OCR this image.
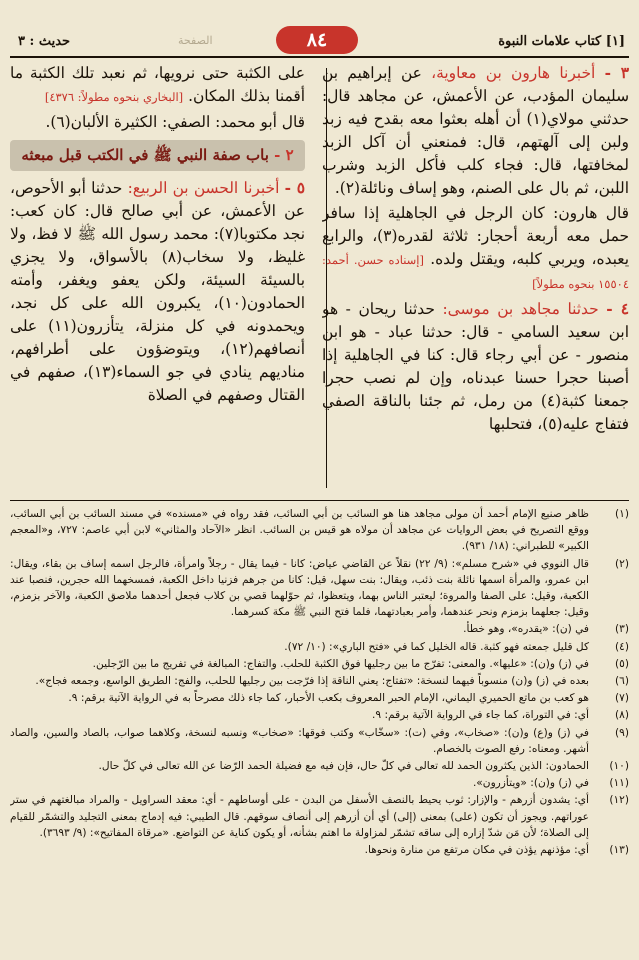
[١] كتاب علامات النبوة
الصفحة	٨٤
حديث : ٣

٣ - أخبرنا هارون بن معاوية، عن إبراهيم بن سليمان المؤدب، عن الأعمش، عن مجاهد قال: حدثني مولاي(١) أن أهله بعثوا معه بقدح فيه زبد ولبن إلى آلهتهم، قال: فمنعني أن آكل الزبد لمخافتها، قال: فجاء كلب فأكل الزبد وشرب اللبن، ثم بال على الصنم، وهو إساف ونائلة(٢).

قال هارون: كان الرجل في الجاهلية إذا سافر حمل معه أربعة أحجار: ثلاثة لقدره(٣)، والرابع يعبده، ويربي كلبه، ويقتل ولده. [إسناده حسن. أحمد: ١٥٥٠٤ بنحوه مطولاً]

٤ - حدثنا مجاهد بن موسى: حدثنا ريحان - هو ابن سعيد السامي - قال: حدثنا عباد - هو ابن منصور - عن أبي رجاء قال: كنا في الجاهلية إذا أصبنا حجرا حسنا عبدناه، وإن لم نصب حجرا جمعنا كثبة(٤) من رمل، ثم جئنا بالناقة الصفي فتفاج عليه(٥)، فتحلبها

على الكثبة حتى نرويها، ثم نعبد تلك الكثبة ما أقمنا بذلك المكان. [البخاري بنحوه مطولاً: ٤٣٧٦]

قال أبو محمد: الصفي: الكثيرة الألبان(٦).

٢ - باب صفة النبي ﷺ في الكتب قبل مبعثه

٥ - أخبرنا الحسن بن الربيع: حدثنا أبو الأحوص، عن الأعمش، عن أبي صالح قال: كان كعب: نجد مكتوبا(٧): محمد رسول الله ﷺ لا فظ، ولا غليظ، ولا سخاب(٨) بالأسواق، ولا يجزي بالسيئة السيئة، ولكن يعفو ويغفر، وأمته الحمادون(١٠)، يكبرون الله على كل نجد، ويحمدونه في كل منزلة، يتأزرون(١١) على أنصافهم(١٢)، ويتوضؤون على أطرافهم، مناديهم ينادي في جو السماء(١٣)، صفهم في القتال وصفهم في الصلاة

(١)
ظاهر صنيع الإمام أحمد أن مولى مجاهد هنا هو السائب بن أبي السائب، فقد رواه في «مسنده» في مسند السائب بن أبي السائب، ووقع التصريح في بعض الروايات عن مجاهد أن مولاه هو قيس بن السائب. انظر «الآحاد والمثاني» لابن أبي عاصم: ٧٢٧، و«المعجم الكبير» للطبراني: (١٨/ ٩٣١).
(٢)
قال النووي في «شرح مسلم»: (٩/ ٢٢) نقلاً عن القاضي عياض: كانا - فيما يقال - رجلاً وامرأة، فالرجل اسمه إساف بن بقاء، ويقال: ابن عمرو، والمرأة اسمها نائلة بنت ذئب، ويقال: بنت سهل، قيل: كانا من جرهم فزنيا داخل الكعبة، فمسخهما الله حجرين، فنصبا عند الكعبة، وقيل: على الصفا والمروة؛ ليعتبر الناس بهما، ويتعظوا، ثم حوّلهما قصي بن كلاب فجعل أحدهما ملاصق الكعبة، والآخر بزمزم، وقيل: جعلهما بزمزم ونحر عندهما، وأمر بعبادتهما، فلما فتح النبي ﷺ مكة كسرهما.
(٣)
في (ن): «يقدره»، وهو خطأ.
(٤)
كل قليل جمعته فهو كثبة. قاله الخليل كما في «فتح الباري»: (١٠/ ٧٢).
(٥)
في (ز) و(ن): «عليها». والمعنى: تفرّج ما بين رجليها فوق الكثبة للحلب. والتفاج: المبالغة في تفريج ما بين الرّجلين.
(٦)
بعده في (ز) و(ن) منسوباً فيهما لنسخة: «تفتاج: يعني الناقة إذا فرّجت بين رجليها للحلب، والفج: الطريق الواسع، وجمعه فجاج».
(٧)
هو كعب بن ماتع الحميري اليماني، الإمام الحبر المعروف بكعب الأحبار، كما جاء ذلك مصرحاً به في الرواية الآتية برقم: ٩.
(٨)
أي: في التوراة، كما جاء في الرواية الآتية برقم: ٩.
(٩)
في (ز) و(ع) و(ن): «صخاب»، وفي (ت): «سخّاب» وكتب فوقها: «صخاب» ونسبه لنسخة، وكلاهما صواب، بالصاد والسين، والصاد أشهر. ومعناه: رفع الصوت بالخصام.
(١٠)
الحمادون: الذين يكثرون الحمد لله تعالى في كلّ حال، فإن فيه مع فضيلة الحمد الرّضا عن الله تعالى في كلّ حال.
(١١)
في (ز) و(ن): «ويتأزرون».
(١٢)
أي: يشدون أزرهم - والإزار: ثوب يحيط بالنصف الأسفل من البدن - على أوساطهم - أي: معقد السراويل - والمراد مبالغتهم في ستر عوراتهم. ويجوز أن تكون (على) بمعنى (إلى) أي أن أزرهم إلى أنصاف سوقهم. قال الطيبي: فيه إدماج بمعنى التجليد والتشمّر للقيام إلى الصلاة؛ لأن مَن شدّ إزاره إلى ساقه تشمّر لمزاولة ما اهتم بشأنه، أو يكون كناية عن التواضع. «مرقاة المفاتيح»: (٩/ ٣٦٩٣).
(١٣)
أي: مؤذنهم يؤذن في مكان مرتفع من منارة ونحوها.
